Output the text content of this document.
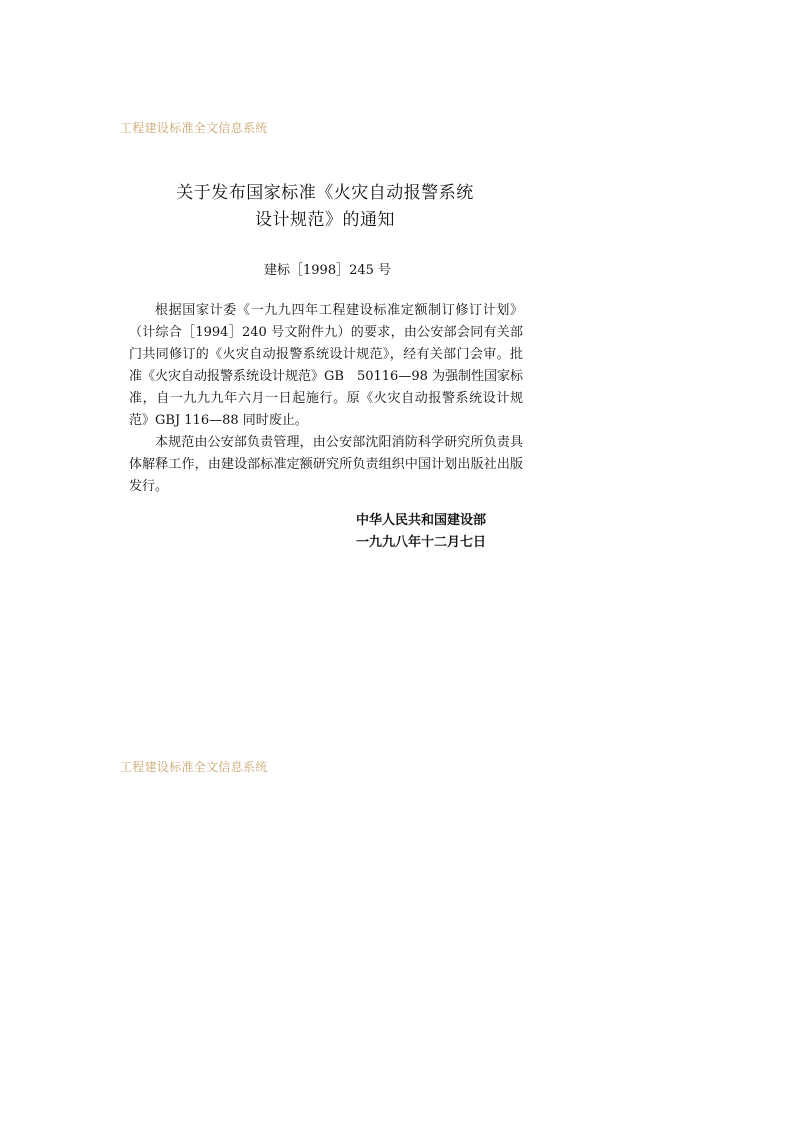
工程建设标准全文信息系统
关于发布国家标准《火灾自动报警系统
设计规范》的通知
建标［1998］245 号

根据国家计委《一九九四年工程建设标准定额制订修订计划》（计综合［1994］240 号文附件九）的要求，由公安部会同有关部门共同修订的《火灾自动报警系统设计规范》，经有关部门会审。批准《火灾自动报警系统设计规范》GB　50116—98 为强制性国家标准，自一九九九年六月一日起施行。原《火灾自动报警系统设计规范》GBJ 116—88 同时废止。

本规范由公安部负责管理，由公安部沈阳消防科学研究所负责具体解释工作，由建设部标准定额研究所负责组织中国计划出版社出版发行。

中华人民共和国建设部
一九九八年十二月七日
工程建设标准全文信息系统
